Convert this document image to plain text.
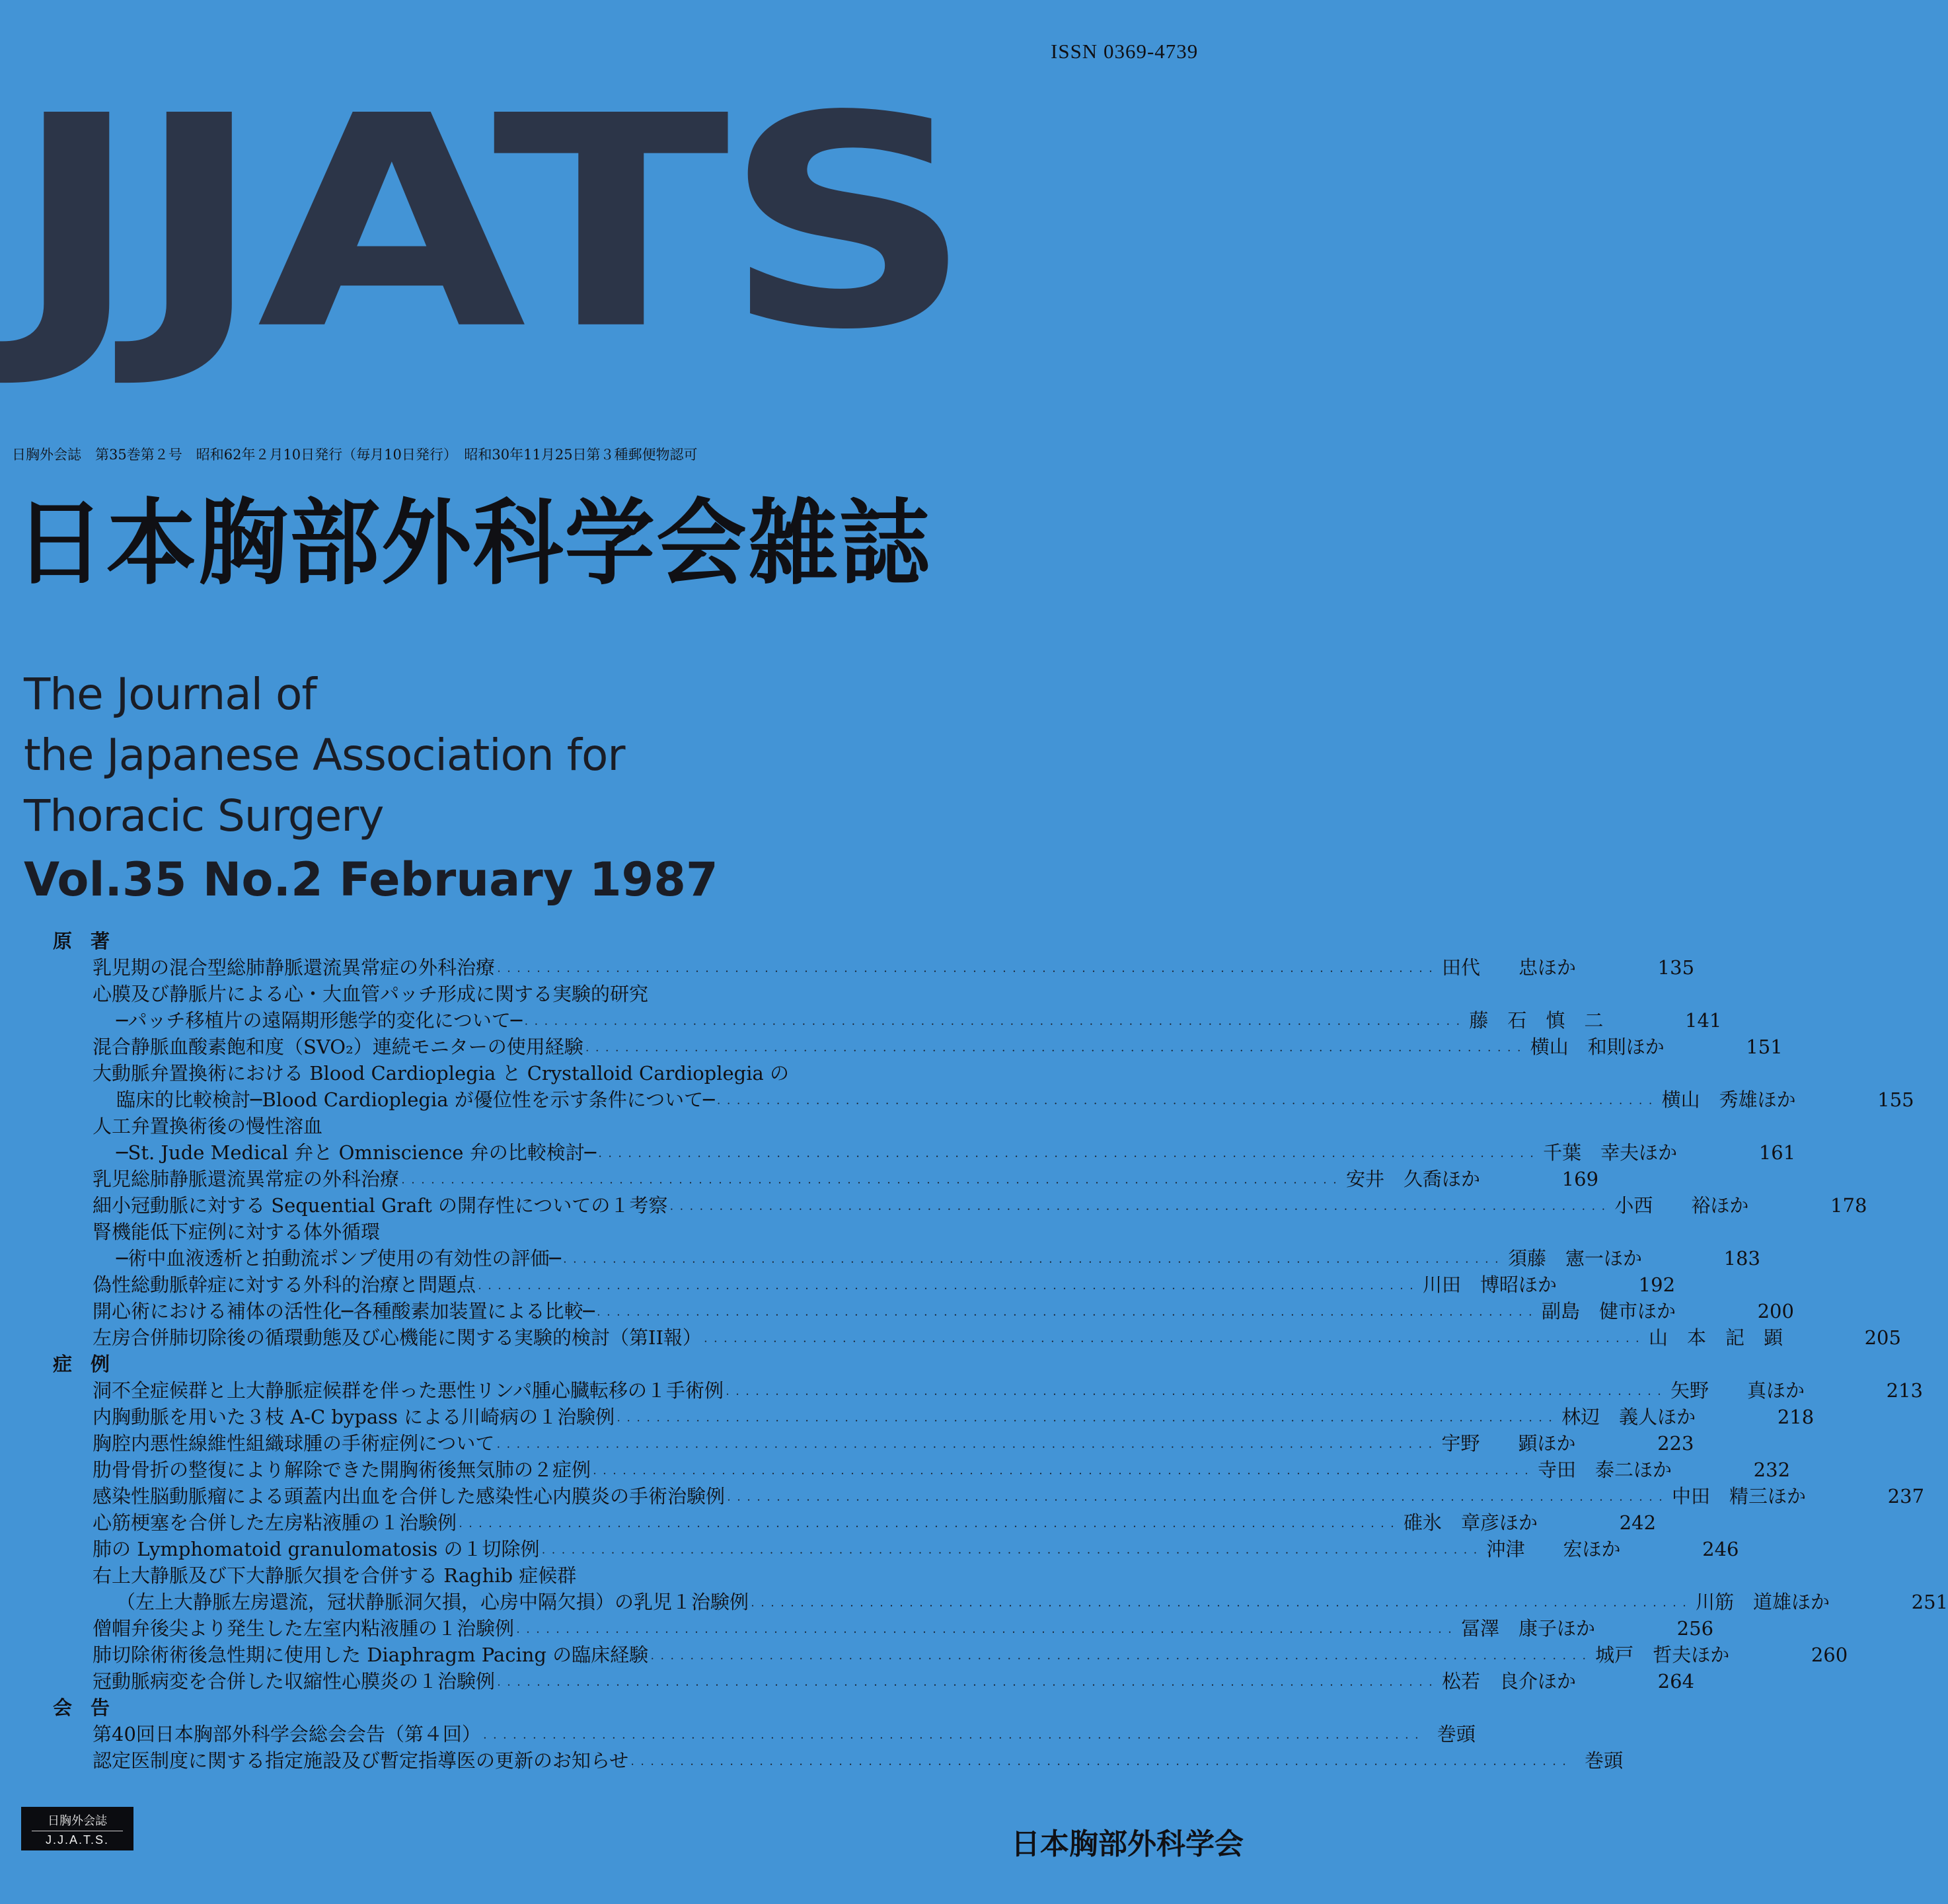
ISSN 0369-4739
JJATS
日胸外会誌　第35巻第２号　昭和62年２月10日発行（毎月10日発行）　昭和30年11月25日第３種郵便物認可
日本胸部外科学会雑誌
The Journal of
the Japanese Association for
Thoracic Surgery
Vol.35 No.2 February 1987
原著
乳児期の混合型総肺静脈還流異常症の外科治療 ・・・・・・・・・・・・・・・・・・・・・・・・・・・・・・・・・・・・・・・・・・・・・・・・・・・・・・・・・・・・・・・・・・・・・・・・・・・・・・・・・・・・・・・・・・・・・・・	田代　　忠ほか	135
心膜及び静脈片による心・大血管パッチ形成に関する実験的研究
─パッチ移植片の遠隔期形態学的変化について─ ・・・・・・・・・・・・・・・・・・・・・・・・・・・・・・・・・・・・・・・・・・・・・・・・・・・・・・・・・・・・・・・・・・・・・・・・・・・・・・・・・・・・・・・・・・・・・・・	藤　石　慎　二	141
混合静脈血酸素飽和度（SVO₂）連続モニターの使用経験 ・・・・・・・・・・・・・・・・・・・・・・・・・・・・・・・・・・・・・・・・・・・・・・・・・・・・・・・・・・・・・・・・・・・・・・・・・・・・・・・・・・・・・・・・・・・・・・・	横山　和則ほか	151
大動脈弁置換術における Blood Cardioplegia と Crystalloid Cardioplegia の
臨床的比較検討─Blood Cardioplegia が優位性を示す条件について─ ・・・・・・・・・・・・・・・・・・・・・・・・・・・・・・・・・・・・・・・・・・・・・・・・・・・・・・・・・・・・・・・・・・・・・・・・・・・・・・・・・・・・・・・・・・・・・・・	横山　秀雄ほか	155
人工弁置換術後の慢性溶血
─St. Jude Medical 弁と Omniscience 弁の比較検討─ ・・・・・・・・・・・・・・・・・・・・・・・・・・・・・・・・・・・・・・・・・・・・・・・・・・・・・・・・・・・・・・・・・・・・・・・・・・・・・・・・・・・・・・・・・・・・・・・	千葉　幸夫ほか	161
乳児総肺静脈還流異常症の外科治療 ・・・・・・・・・・・・・・・・・・・・・・・・・・・・・・・・・・・・・・・・・・・・・・・・・・・・・・・・・・・・・・・・・・・・・・・・・・・・・・・・・・・・・・・・・・・・・・・	安井　久喬ほか	169
細小冠動脈に対する Sequential Graft の開存性についての１考察 ・・・・・・・・・・・・・・・・・・・・・・・・・・・・・・・・・・・・・・・・・・・・・・・・・・・・・・・・・・・・・・・・・・・・・・・・・・・・・・・・・・・・・・・・・・・・・・・	小西　　裕ほか	178
腎機能低下症例に対する体外循環
─術中血液透析と拍動流ポンプ使用の有効性の評価─ ・・・・・・・・・・・・・・・・・・・・・・・・・・・・・・・・・・・・・・・・・・・・・・・・・・・・・・・・・・・・・・・・・・・・・・・・・・・・・・・・・・・・・・・・・・・・・・・	須藤　憲一ほか	183
偽性総動脈幹症に対する外科的治療と問題点 ・・・・・・・・・・・・・・・・・・・・・・・・・・・・・・・・・・・・・・・・・・・・・・・・・・・・・・・・・・・・・・・・・・・・・・・・・・・・・・・・・・・・・・・・・・・・・・・	川田　博昭ほか	192
開心術における補体の活性化─各種酸素加装置による比較─ ・・・・・・・・・・・・・・・・・・・・・・・・・・・・・・・・・・・・・・・・・・・・・・・・・・・・・・・・・・・・・・・・・・・・・・・・・・・・・・・・・・・・・・・・・・・・・・・	副島　健市ほか	200
左房合併肺切除後の循環動態及び心機能に関する実験的検討（第II報） ・・・・・・・・・・・・・・・・・・・・・・・・・・・・・・・・・・・・・・・・・・・・・・・・・・・・・・・・・・・・・・・・・・・・・・・・・・・・・・・・・・・・・・・・・・・・・・・	山　本　記　顕	205
症例
洞不全症候群と上大静脈症候群を伴った悪性リンパ腫心臓転移の１手術例 ・・・・・・・・・・・・・・・・・・・・・・・・・・・・・・・・・・・・・・・・・・・・・・・・・・・・・・・・・・・・・・・・・・・・・・・・・・・・・・・・・・・・・・・・・・・・・・・	矢野　　真ほか	213
内胸動脈を用いた３枝 A-C bypass による川崎病の１治験例 ・・・・・・・・・・・・・・・・・・・・・・・・・・・・・・・・・・・・・・・・・・・・・・・・・・・・・・・・・・・・・・・・・・・・・・・・・・・・・・・・・・・・・・・・・・・・・・・	林辺　義人ほか	218
胸腔内悪性線維性組織球腫の手術症例について ・・・・・・・・・・・・・・・・・・・・・・・・・・・・・・・・・・・・・・・・・・・・・・・・・・・・・・・・・・・・・・・・・・・・・・・・・・・・・・・・・・・・・・・・・・・・・・・	宇野　　顕ほか	223
肋骨骨折の整復により解除できた開胸術後無気肺の２症例 ・・・・・・・・・・・・・・・・・・・・・・・・・・・・・・・・・・・・・・・・・・・・・・・・・・・・・・・・・・・・・・・・・・・・・・・・・・・・・・・・・・・・・・・・・・・・・・・	寺田　泰二ほか	232
感染性脳動脈瘤による頭蓋内出血を合併した感染性心内膜炎の手術治験例 ・・・・・・・・・・・・・・・・・・・・・・・・・・・・・・・・・・・・・・・・・・・・・・・・・・・・・・・・・・・・・・・・・・・・・・・・・・・・・・・・・・・・・・・・・・・・・・・	中田　精三ほか	237
心筋梗塞を合併した左房粘液腫の１治験例 ・・・・・・・・・・・・・・・・・・・・・・・・・・・・・・・・・・・・・・・・・・・・・・・・・・・・・・・・・・・・・・・・・・・・・・・・・・・・・・・・・・・・・・・・・・・・・・・	碓氷　章彦ほか	242
肺の Lymphomatoid granulomatosis の１切除例 ・・・・・・・・・・・・・・・・・・・・・・・・・・・・・・・・・・・・・・・・・・・・・・・・・・・・・・・・・・・・・・・・・・・・・・・・・・・・・・・・・・・・・・・・・・・・・・・	沖津　　宏ほか	246
右上大静脈及び下大静脈欠損を合併する Raghib 症候群
（左上大静脈左房還流，冠状静脈洞欠損，心房中隔欠損）の乳児１治験例 ・・・・・・・・・・・・・・・・・・・・・・・・・・・・・・・・・・・・・・・・・・・・・・・・・・・・・・・・・・・・・・・・・・・・・・・・・・・・・・・・・・・・・・・・・・・・・・・	川筋　道雄ほか	251
僧帽弁後尖より発生した左室内粘液腫の１治験例 ・・・・・・・・・・・・・・・・・・・・・・・・・・・・・・・・・・・・・・・・・・・・・・・・・・・・・・・・・・・・・・・・・・・・・・・・・・・・・・・・・・・・・・・・・・・・・・・	冨澤　康子ほか	256
肺切除術術後急性期に使用した Diaphragm Pacing の臨床経験 ・・・・・・・・・・・・・・・・・・・・・・・・・・・・・・・・・・・・・・・・・・・・・・・・・・・・・・・・・・・・・・・・・・・・・・・・・・・・・・・・・・・・・・・・・・・・・・・	城戸　哲夫ほか	260
冠動脈病変を合併した収縮性心膜炎の１治験例 ・・・・・・・・・・・・・・・・・・・・・・・・・・・・・・・・・・・・・・・・・・・・・・・・・・・・・・・・・・・・・・・・・・・・・・・・・・・・・・・・・・・・・・・・・・・・・・・	松若　良介ほか	264
会告
第40回日本胸部外科学会総会会告（第４回） ・・・・・・・・・・・・・・・・・・・・・・・・・・・・・・・・・・・・・・・・・・・・・・・・・・・・・・・・・・・・・・・・・・・・・・・・・・・・・・・・・・・・・・・・・・・・・・・	巻頭
認定医制度に関する指定施設及び暫定指導医の更新のお知らせ ・・・・・・・・・・・・・・・・・・・・・・・・・・・・・・・・・・・・・・・・・・・・・・・・・・・・・・・・・・・・・・・・・・・・・・・・・・・・・・・・・・・・・・・・・・・・・・・	巻頭
日胸外会誌
J.J.A.T.S.	日本胸部外科学会
